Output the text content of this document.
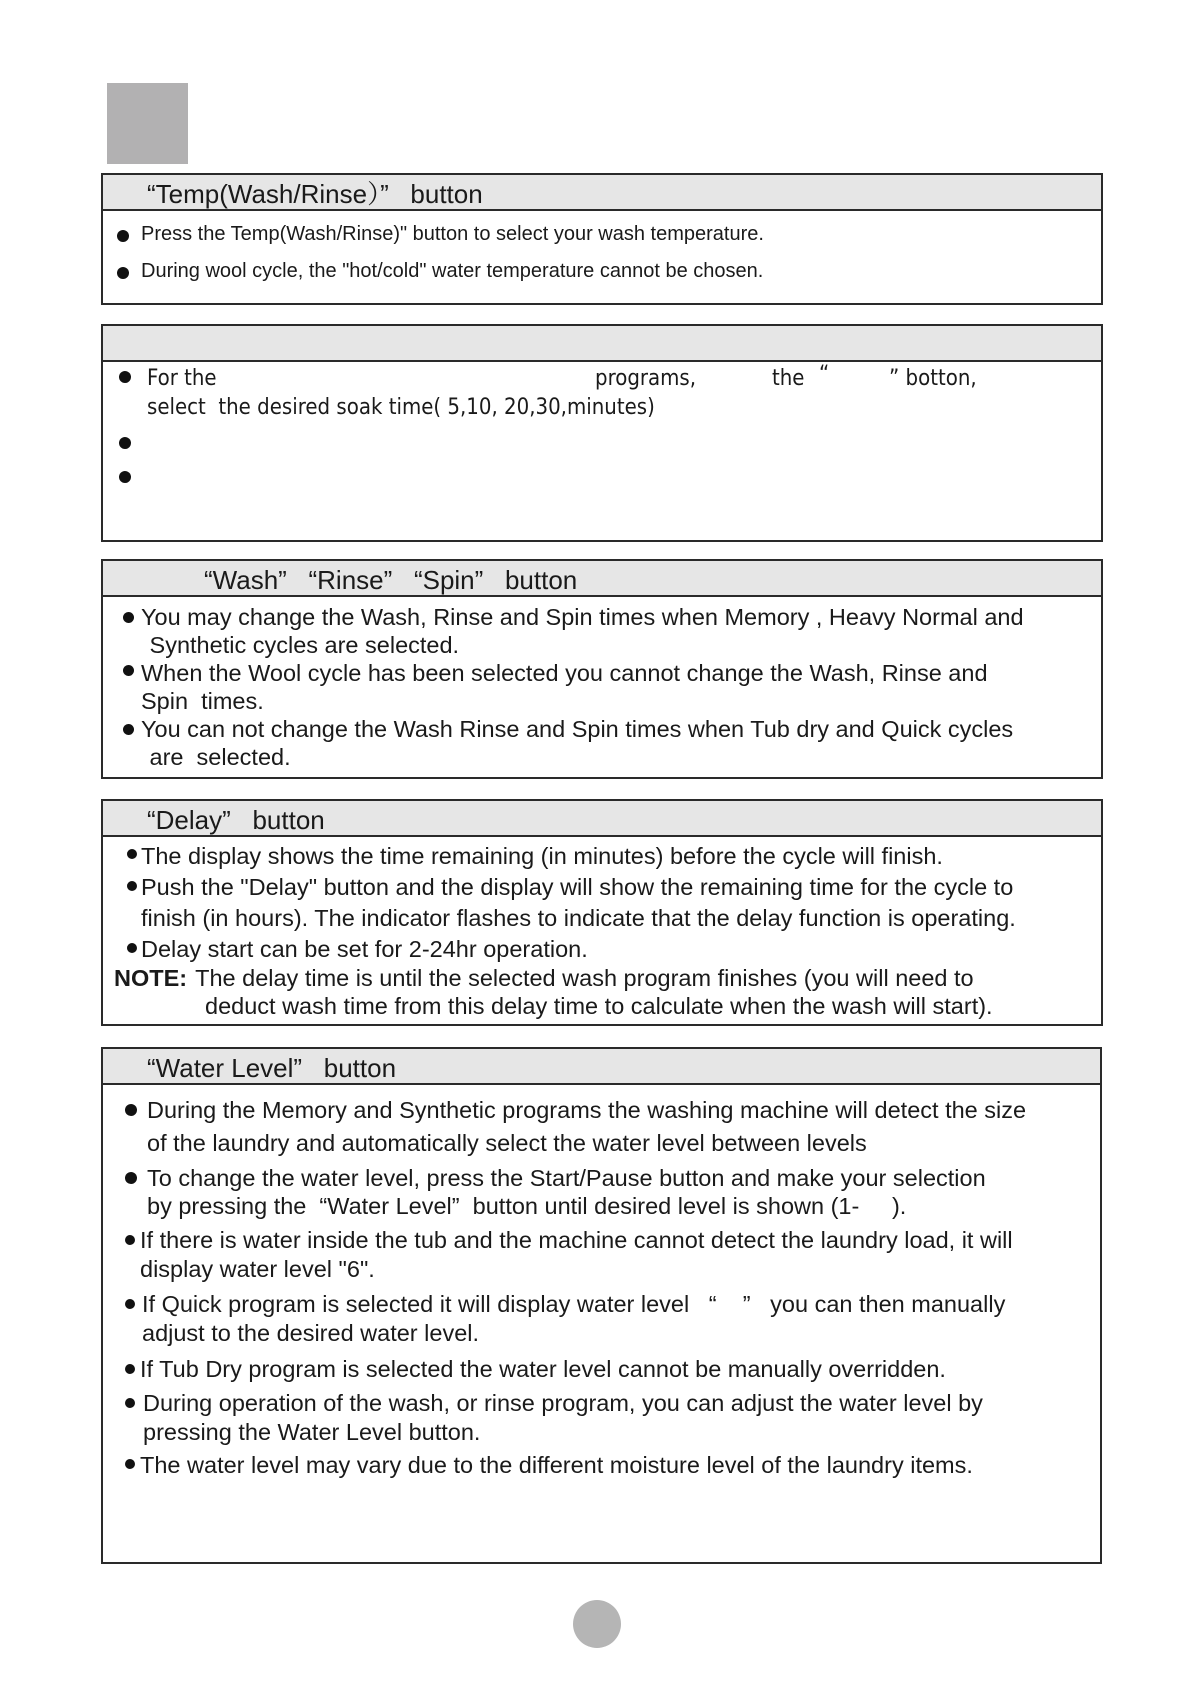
“Temp(Wash/Rinse）”   button
Press the Temp(Wash/Rinse)" button to select your wash temperature.
During wool cycle, the "hot/cold" water temperature cannot be chosen.
For the	programs,	the “	” botton,
select  the desired soak time( 5,10, 20,30,minutes)
“Wash”   “Rinse”   “Spin”   button
You may change the Wash, Rinse and Spin times when Memory , Heavy Normal and
Synthetic cycles are selected.
When the Wool cycle has been selected you cannot change the Wash, Rinse and
Spin  times.
You can not change the Wash Rinse and Spin times when Tub dry and Quick cycles
are  selected.
“Delay”   button
The display shows the time remaining (in minutes) before the cycle will finish.
Push the "Delay" button and the display will show the remaining time for the cycle to
finish (in hours). The indicator flashes to indicate that the delay function is operating.
Delay start can be set for 2-24hr operation.
NOTE: The delay time is until the selected wash program finishes (you will need to
deduct wash time from this delay time to calculate when the wash will start).
“Water Level”   button
During the Memory and Synthetic programs the washing machine will detect the size
of the laundry and automatically select the water level between levels
To change the water level, press the Start/Pause button and make your selection
by pressing the  “Water Level”  button until desired level is shown (1-     ).
If there is water inside the tub and the machine cannot detect the laundry load, it will
display water level "6".
If Quick program is selected it will display water level   “    ”   you can then manually
adjust to the desired water level.
If Tub Dry program is selected the water level cannot be manually overridden.
During operation of the wash, or rinse program, you can adjust the water level by
pressing the Water Level button.
The water level may vary due to the different moisture level of the laundry items.
